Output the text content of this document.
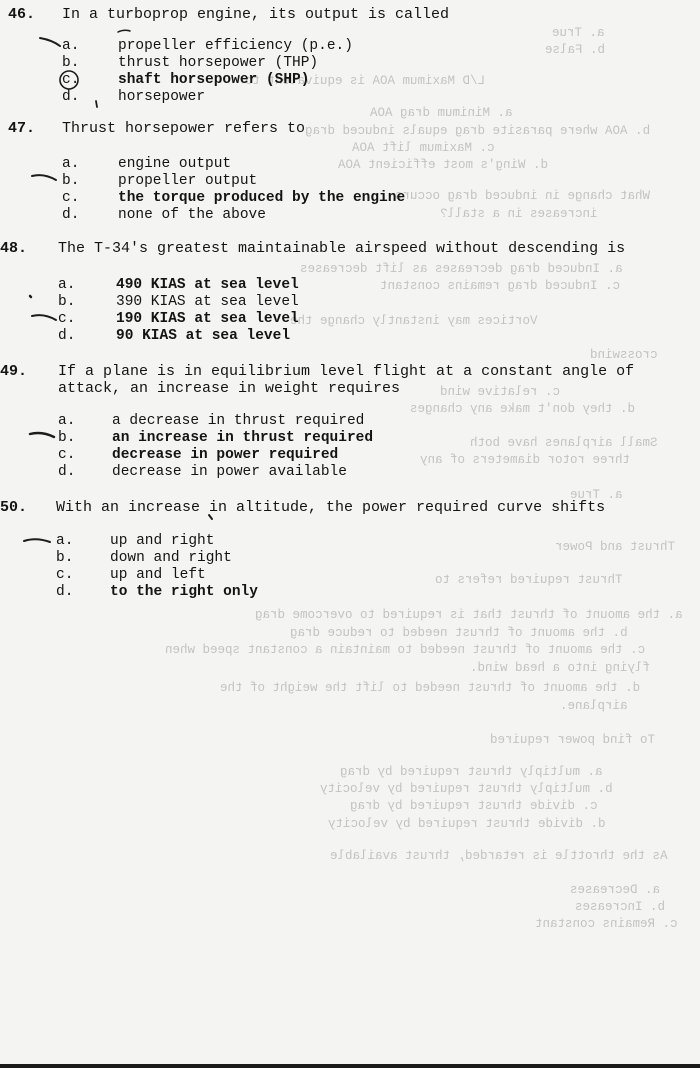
a. True
b. False
L/D Maximum AOA is equivalent to
a. Minimum drag AOA
b. AOA where parasite drag equals induced drag
c. Maximum lift AOA
d. Wing's most efficient AOA
What change in induced drag occurs
increases in a stall?
a. Induced drag decreases as lift decreases
c. Induced drag remains constant
Vortices may instantly change the
crosswind
c. relative wind
d. they don't make any changes
Small airplanes have both
three rotor diameters of any
a. True
Thrust and Power
Thrust required refers to
a. the amount of thrust that is required to overcome drag
b. the amount of thrust needed to reduce drag
c. the amount of thrust needed to maintain a constant speed when
flying into a head wind.
d. the amount of thrust needed to lift the weight of the
airplane.
To find power required
a. multiply thrust required by drag
b. multiply thrust required by velocity
c. divide thrust required by drag
d. divide thrust required by velocity
As the throttle is retarded, thrust available
a. Decreases
b. Increases
c. Remains constant
46. In a turboprop engine, its output is called
a.	propeller efficiency (p.e.)
b.	thrust horsepower (THP)
c.	shaft horsepower (SHP)
d.	horsepower
47. Thrust horsepower refers to
a.	engine output
b.	propeller output
c.	the torque produced by the engine
d.	none of the above
48. The T-34's greatest maintainable airspeed without descending is
a.	490 KIAS at sea level
b.	390 KIAS at sea level
c.	190 KIAS at sea level
d.	90 KIAS at sea level
49. If a plane is in equilibrium level flight at a constant angle of
attack, an increase in weight requires
a.	a decrease in thrust required
b.	an increase in thrust required
c.	decrease in power required
d.	decrease in power available
50. With an increase in altitude, the power required curve shifts
a.	up and right
b.	down and right
c.	up and left
d.	to the right only
